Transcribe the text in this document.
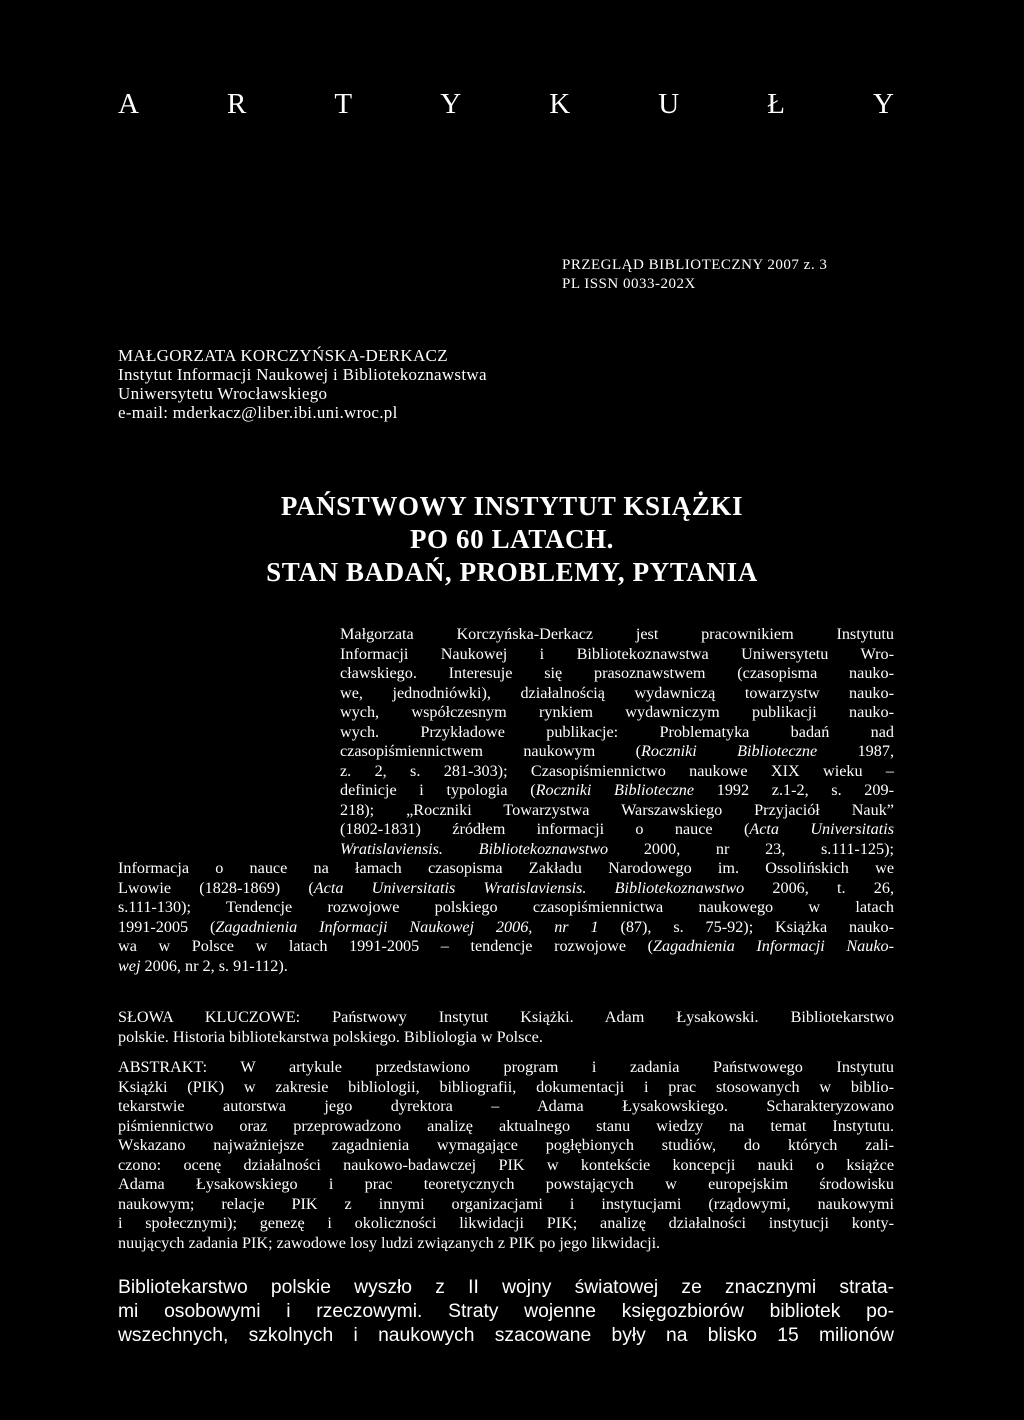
A	R	T	Y	K	U	Ł	Y
PRZEGLĄD BIBLIOTECZNY 2007 z. 3
PL ISSN 0033-202X
MAŁGORZATA KORCZYŃSKA-DERKACZ
Instytut Informacji Naukowej i Bibliotekoznawstwa
Uniwersytetu Wrocławskiego
e-mail: mderkacz@liber.ibi.uni.wroc.pl
PAŃSTWOWY INSTYTUT KSIĄŻKI
PO 60 LATACH.
STAN BADAŃ, PROBLEMY, PYTANIA
Małgorzata Korczyńska-Derkacz jest pracownikiem Instytutu
Informacji Naukowej i Bibliotekoznawstwa Uniwersytetu Wro-
cławskiego. Interesuje się prasoznawstwem (czasopisma nauko-
we, jednodniówki), działalnością wydawniczą towarzystw nauko-
wych, współczesnym rynkiem wydawniczym publikacji nauko-
wych. Przykładowe publikacje: Problematyka badań nad
czasopiśmiennictwem naukowym (Roczniki Biblioteczne 1987,
z. 2, s. 281-303); Czasopiśmiennictwo naukowe XIX wieku –
definicje i typologia (Roczniki Biblioteczne 1992 z.1-2, s. 209-
218); „Roczniki Towarzystwa Warszawskiego Przyjaciół Nauk”
(1802-1831) źródłem informacji o nauce (Acta Universitatis
Wratislaviensis. Bibliotekoznawstwo 2000, nr 23, s.111-125);
Informacja o nauce na łamach czasopisma Zakładu Narodowego im. Ossolińskich we
Lwowie (1828-1869) (Acta Universitatis Wratislaviensis. Bibliotekoznawstwo 2006, t. 26,
s.111-130); Tendencje rozwojowe polskiego czasopiśmiennictwa naukowego w latach
1991-2005 (Zagadnienia Informacji Naukowej 2006, nr 1 (87), s. 75-92); Książka nauko-
wa w Polsce w latach 1991-2005 – tendencje rozwojowe (Zagadnienia Informacji Nauko-
wej 2006, nr 2, s. 91-112).
SŁOWA KLUCZOWE: Państwowy Instytut Książki. Adam Łysakowski. Bibliotekarstwo
polskie. Historia bibliotekarstwa polskiego. Bibliologia w Polsce.
ABSTRAKT: W artykule przedstawiono program i zadania Państwowego Instytutu
Książki (PIK) w zakresie bibliologii, bibliografii, dokumentacji i prac stosowanych w biblio-
tekarstwie autorstwa jego dyrektora – Adama Łysakowskiego. Scharakteryzowano
piśmiennictwo oraz przeprowadzono analizę aktualnego stanu wiedzy na temat Instytutu.
Wskazano najważniejsze zagadnienia wymagające pogłębionych studiów, do których zali-
czono: ocenę działalności naukowo-badawczej PIK w kontekście koncepcji nauki o książce
Adama Łysakowskiego i prac teoretycznych powstających w europejskim środowisku
naukowym; relacje PIK z innymi organizacjami i instytucjami (rządowymi, naukowymi
i społecznymi); genezę i okoliczności likwidacji PIK; analizę działalności instytucji konty-
nuujących zadania PIK; zawodowe losy ludzi związanych z PIK po jego likwidacji.
Bibliotekarstwo polskie wyszło z II wojny światowej ze znacznymi strata-
mi osobowymi i rzeczowymi. Straty wojenne księgozbiorów bibliotek po-
wszechnych, szkolnych i naukowych szacowane były na blisko 15 milionów
